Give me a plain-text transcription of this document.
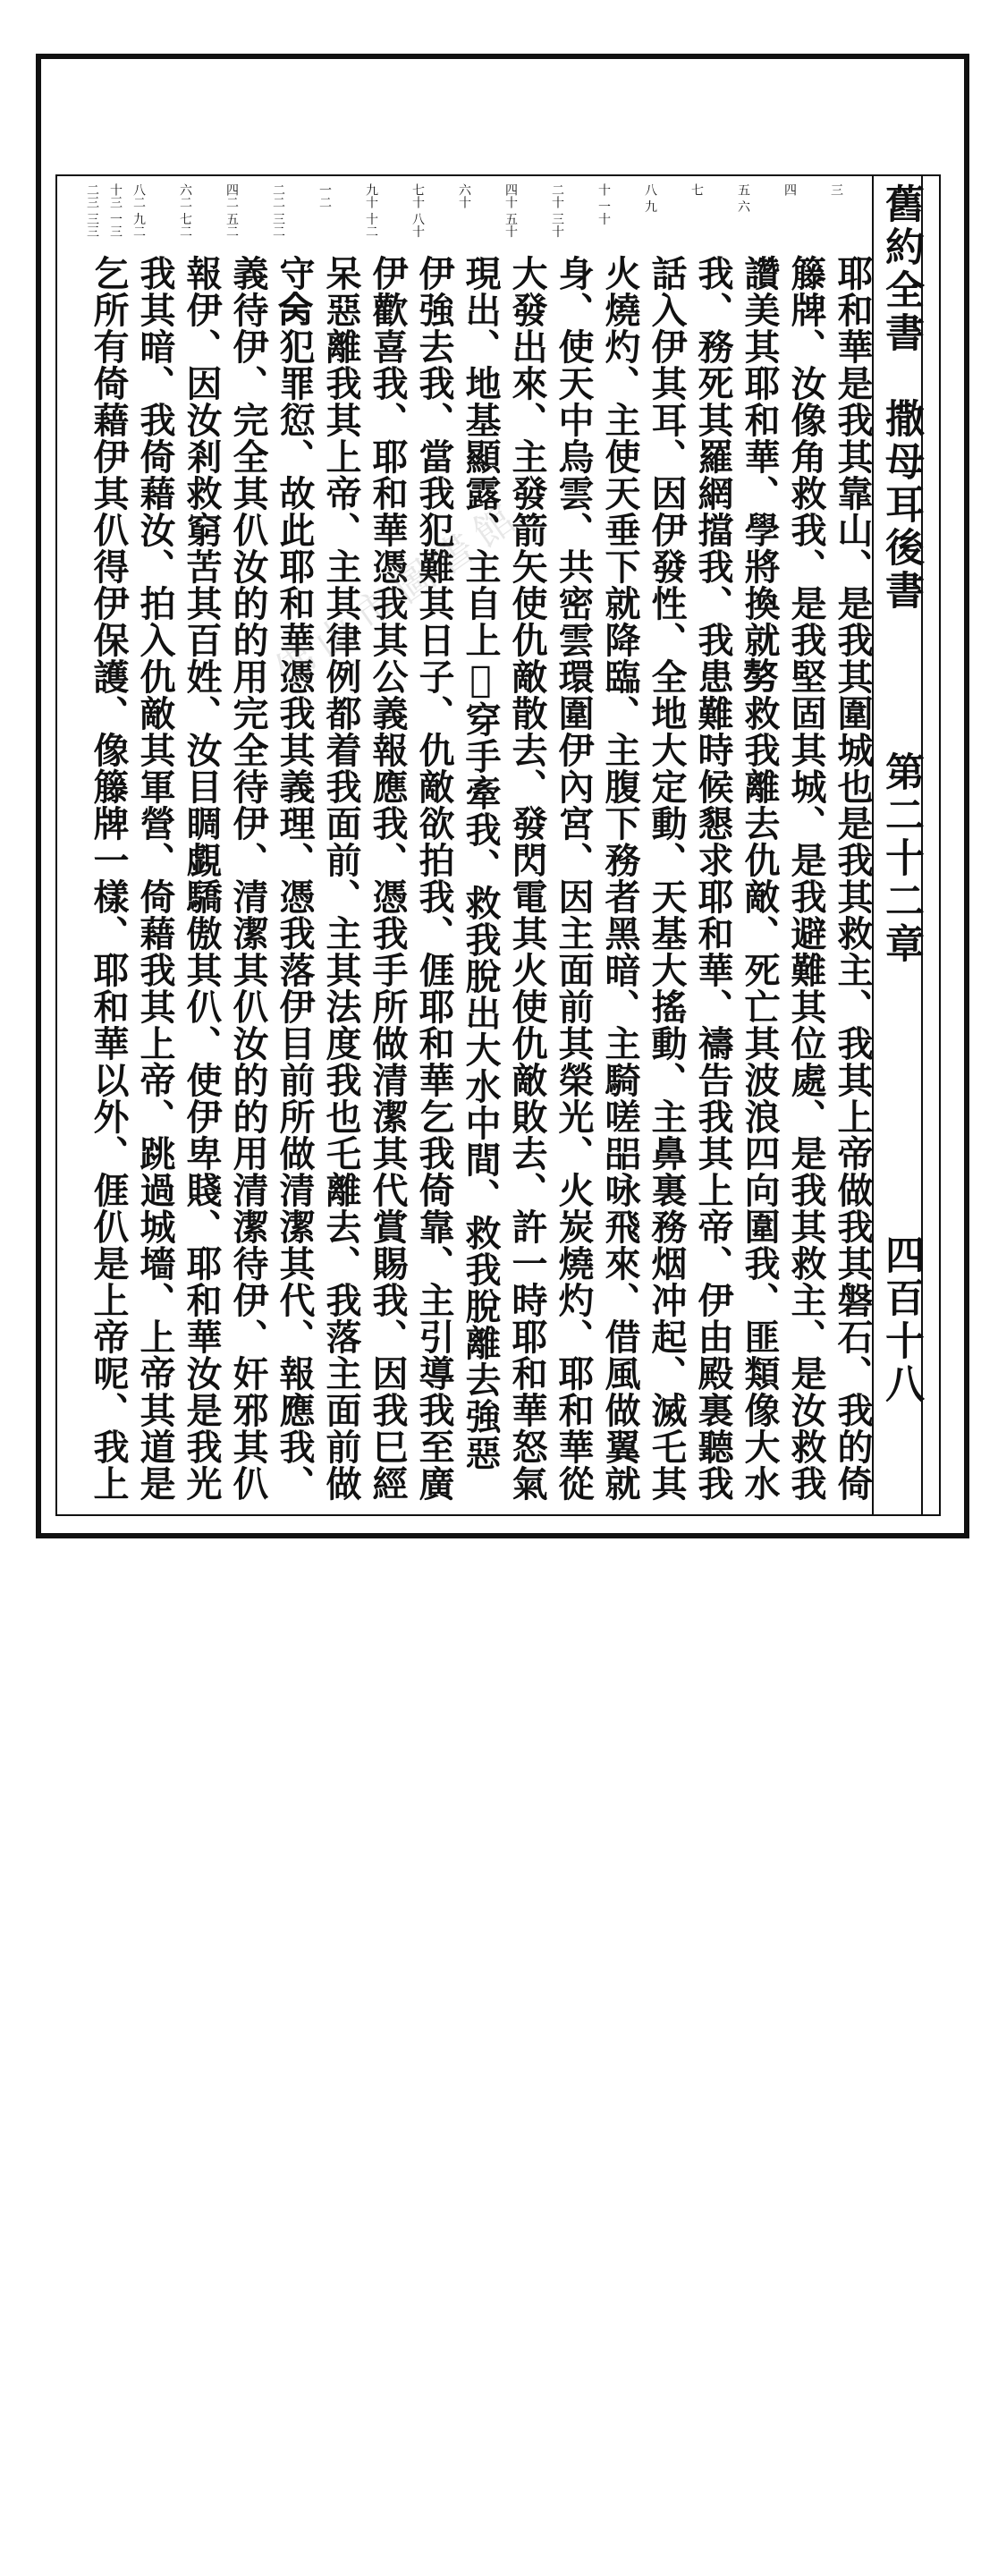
舊約全書　撒母耳後書
第二十二章
四百十八
三
四
五 六
七
八 九
十 一十
二十 三十
四十 五十
六十
七十 八十
九十 十二
一二
二二 三二
四二 五二
六二 七二
八二 九二
十三 一三
二三 三三
耶和華是我其靠山、是我其圍城也是我其救主、我其上帝做我其磐石、我的倚
籐牌、汝像角救我、是我堅固其城、是我避難其位處、是我其救主、是汝救我
讚美其耶和華、學將換就𠢕救我離去仇敵、死亡其波浪四向圍我、匪類像大水
我、務死其羅網擋我、我患難時候懇求耶和華、禱告我其上帝、伊由殿裏聽我
話入伊其耳、因伊發性、全地大定動、天基大搖動、主鼻裏務烟冲起、滅乇其
火燒灼、主使天垂下就降臨、主腹下務者黑暗、主騎嗟㗊咏飛來、借風做翼就
身、使天中烏雲、共密雲環圍伊內宮、因主面前其榮光、火炭燒灼、耶和華從
大發出來、主發箭矢使仇敵散去、發閃電其火使仇敵敗去、許一時耶和華怒氣
現出、地基顯露、主自上𣫢穿手牽我、救我脫出大水中間、救我脫離去強惡
伊強去我、當我犯難其日子、仇敵欲拍我、𠊎耶和華乞我倚靠、主引導我至廣
伊歡喜我、耶和華憑我其公義報應我、憑我手所做清潔其代賞賜我、因我巳經
呆惡離我其上帝、主其律例都着我面前、主其法度我也乇離去、我落主面前做
守𠇮犯罪愆、故此耶和華憑我其義理、憑我落伊目前所做清潔其代、報應我、
義待伊、完全其仈汝的的用完全待伊、清潔其仈汝的的用清潔待伊、奸邪其仈
報伊、因汝剎救窮苦其百姓、汝目睭覷驕傲其仈、使伊卑賤、耶和華汝是我光
我其暗、我倚藉汝、拍入仇敵其軍營、倚藉我其上帝、跳過城墻、上帝其道是
乞所有倚藉伊其仈得伊保護、像籐牌一樣、耶和華以外、𠊎仈是上帝呢、我上
佛山市圖書館
